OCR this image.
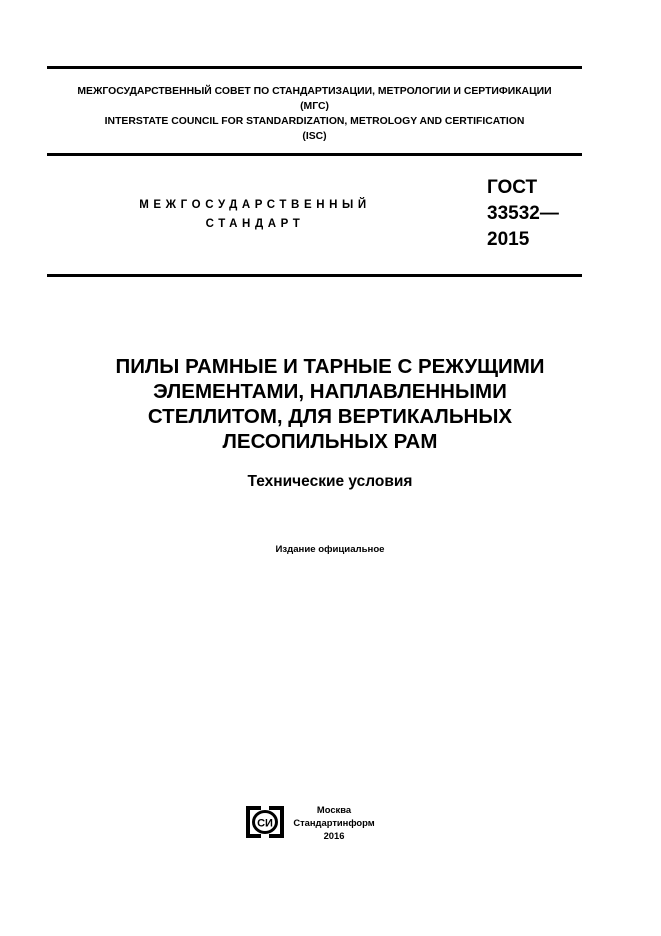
МЕЖГОСУДАРСТВЕННЫЙ СОВЕТ ПО СТАНДАРТИЗАЦИИ, МЕТРОЛОГИИ И СЕРТИФИКАЦИИ
(МГС)
INTERSTATE COUNCIL FOR STANDARDIZATION, METROLOGY AND CERTIFICATION
(ISC)
МЕЖГОСУДАРСТВЕННЫЙ
СТАНДАРТ
ГОСТ
33532—
2015
ПИЛЫ РАМНЫЕ И ТАРНЫЕ С РЕЖУЩИМИ
ЭЛЕМЕНТАМИ, НАПЛАВЛЕННЫМИ
СТЕЛЛИТОМ, ДЛЯ ВЕРТИКАЛЬНЫХ
ЛЕСОПИЛЬНЫХ РАМ
Технические условия
Издание официальное
СИ
Москва
Стандартинформ
2016
